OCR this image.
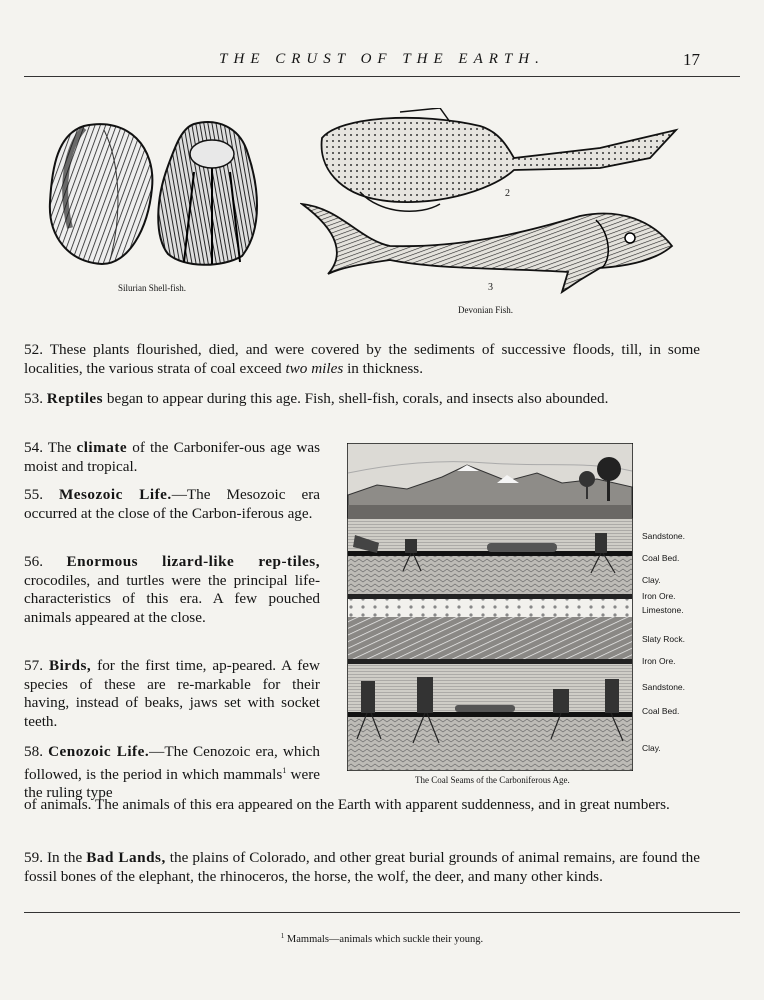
THE CRUST OF THE EARTH.	17
Silurian Shell-fish.
2
3
Devonian Fish.
52. These plants flourished, died, and were covered by the sediments of successive floods, till, in some localities, the various strata of coal exceed two miles in thickness.
53. Reptiles began to appear during this age. Fish, shell-fish, corals, and insects also abounded.
54. The climate of the Carbonifer-ous age was moist and tropical.
55. Mesozoic Life.—The Mesozoic era occurred at the close of the Carbon-iferous age.
56. Enormous lizard-like rep-tiles, crocodiles, and turtles were the principal life-characteristics of this era. A few pouched animals appeared at the close.
57. Birds, for the first time, ap-peared. A few species of these are re-markable for their having, instead of beaks, jaws set with socket teeth.
58. Cenozoic Life.—The Cenozoic era, which followed, is the period in which mammals$^1$ were the ruling type
of animals. The animals of this era appeared on the Earth with apparent suddenness, and in great numbers.
The Coal Seams of the Carboniferous Age.
Sandstone.
Coal Bed.
Clay.
Iron Ore.
Limestone.
Slaty Rock.
Iron Ore.
Sandstone.
Coal Bed.
Clay.
59. In the Bad Lands, the plains of Colorado, and other great burial grounds of animal remains, are found the fossil bones of the elephant, the rhinoceros, the horse, the wolf, the deer, and many other kinds.
$^1$ Mammals—animals which suckle their young.
